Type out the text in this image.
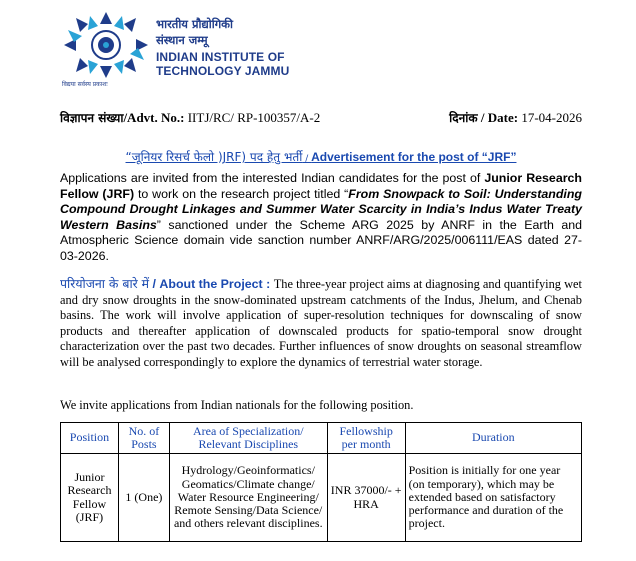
भारतीय प्रौद्योगिकी
संस्थान जम्मू
INDIAN INSTITUTE OF
TECHNOLOGY JAMMU
विद्यया सर्वस्य प्रकाशः
विज्ञापन संख्या/Advt. No.: IITJ/RC/ RP-100357/A-2	दिनांक / Date: 17-04-2026
“जूनियर रिसर्च फेलो )JRF) पद हेतु भर्ती / Advertisement for the post of “JRF”
Applications are invited from the interested Indian candidates for the post of Junior Research Fellow (JRF) to work on the research project titled “From Snowpack to Soil: Understanding Compound Drought Linkages and Summer Water Scarcity in India’s Indus Water Treaty Western Basins” sanctioned under the Scheme ARG 2025 by ANRF in the Earth and Atmospheric Science domain vide sanction number ANRF/ARG/2025/006111/EAS dated 27-03-2026.
परियोजना के बारे में / About the Project : The three-year project aims at diagnosing and quantifying wet and dry snow droughts in the snow-dominated upstream catchments of the Indus, Jhelum, and Chenab basins. The work will involve application of super-resolution techniques for downscaling of snow products and thereafter application of downscaled products for spatio-temporal snow drought characterization over the past two decades. Further influences of snow droughts on seasonal streamflow will be analysed correspondingly to explore the dynamics of terrestrial water storage.
We invite applications from Indian nationals for the following position.
Position	No. of Posts	Area of Specialization/ Relevant Disciplines	Fellowship per month	Duration
Junior Research Fellow (JRF)	1 (One)	Hydrology/Geoinformatics/ Geomatics/Climate change/ Water Resource Engineering/ Remote Sensing/Data Science/ and others relevant disciplines.	INR 37000/- + HRA	Position is initially for one year (on temporary), which may be extended based on satisfactory performance and duration of the project.
